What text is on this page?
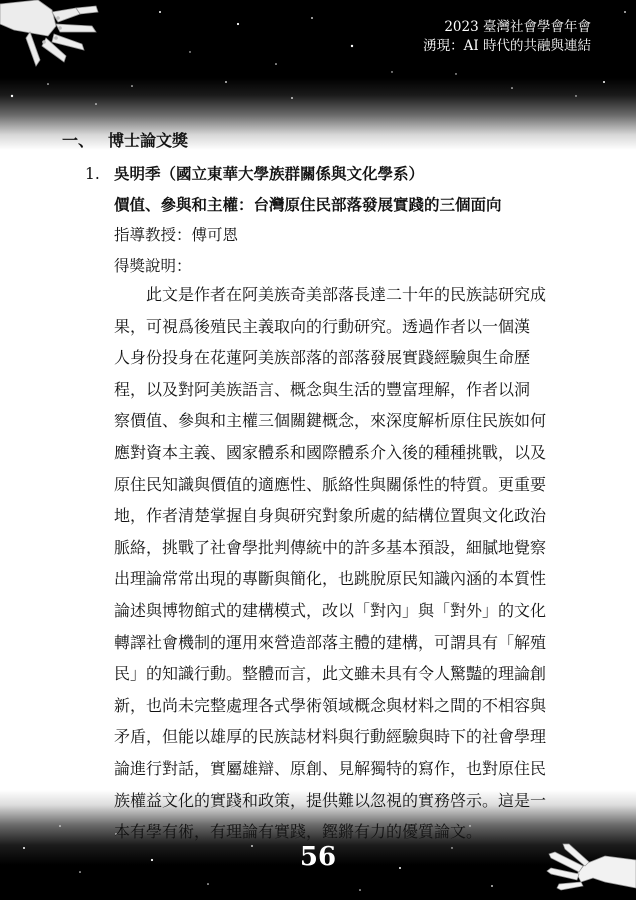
2023 臺灣社會學會年會
湧現：AI 時代的共融與連結
一、 博士論文獎
1. 吳明季（國立東華大學族群關係與文化學系）
價值、參與和主權：台灣原住民部落發展實踐的三個面向
指導教授：傅可恩
得獎說明：
此文是作者在阿美族奇美部落長達二十年的民族誌研究成
果，可視爲後殖民主義取向的行動研究。透過作者以一個漢
人身份投身在花蓮阿美族部落的部落發展實踐經驗與生命歷
程，以及對阿美族語言、概念與生活的豐富理解，作者以洞
察價值、參與和主權三個關鍵概念，來深度解析原住民族如何
應對資本主義、國家體系和國際體系介入後的種種挑戰，以及
原住民知識與價值的適應性、脈絡性與關係性的特質。更重要
地，作者清楚掌握自身與研究對象所處的結構位置與文化政治
脈絡，挑戰了社會學批判傳統中的許多基本預設，細膩地覺察
出理論常常出現的專斷與簡化，也跳脫原民知識內涵的本質性
論述與博物館式的建構模式，改以「對內」與「對外」的文化
轉譯社會機制的運用來營造部落主體的建構，可謂具有「解殖
民」的知識行動。整體而言，此文雖未具有令人驚豔的理論創
新，也尚未完整處理各式學術領域概念與材料之間的不相容與
矛盾，但能以雄厚的民族誌材料與行動經驗與時下的社會學理
論進行對話，實屬雄辯、原創、見解獨特的寫作，也對原住民
族權益文化的實踐和政策，提供難以忽視的實務啓示。這是一
本有學有術，有理論有實踐，鏗鏘有力的優質論文。
56
